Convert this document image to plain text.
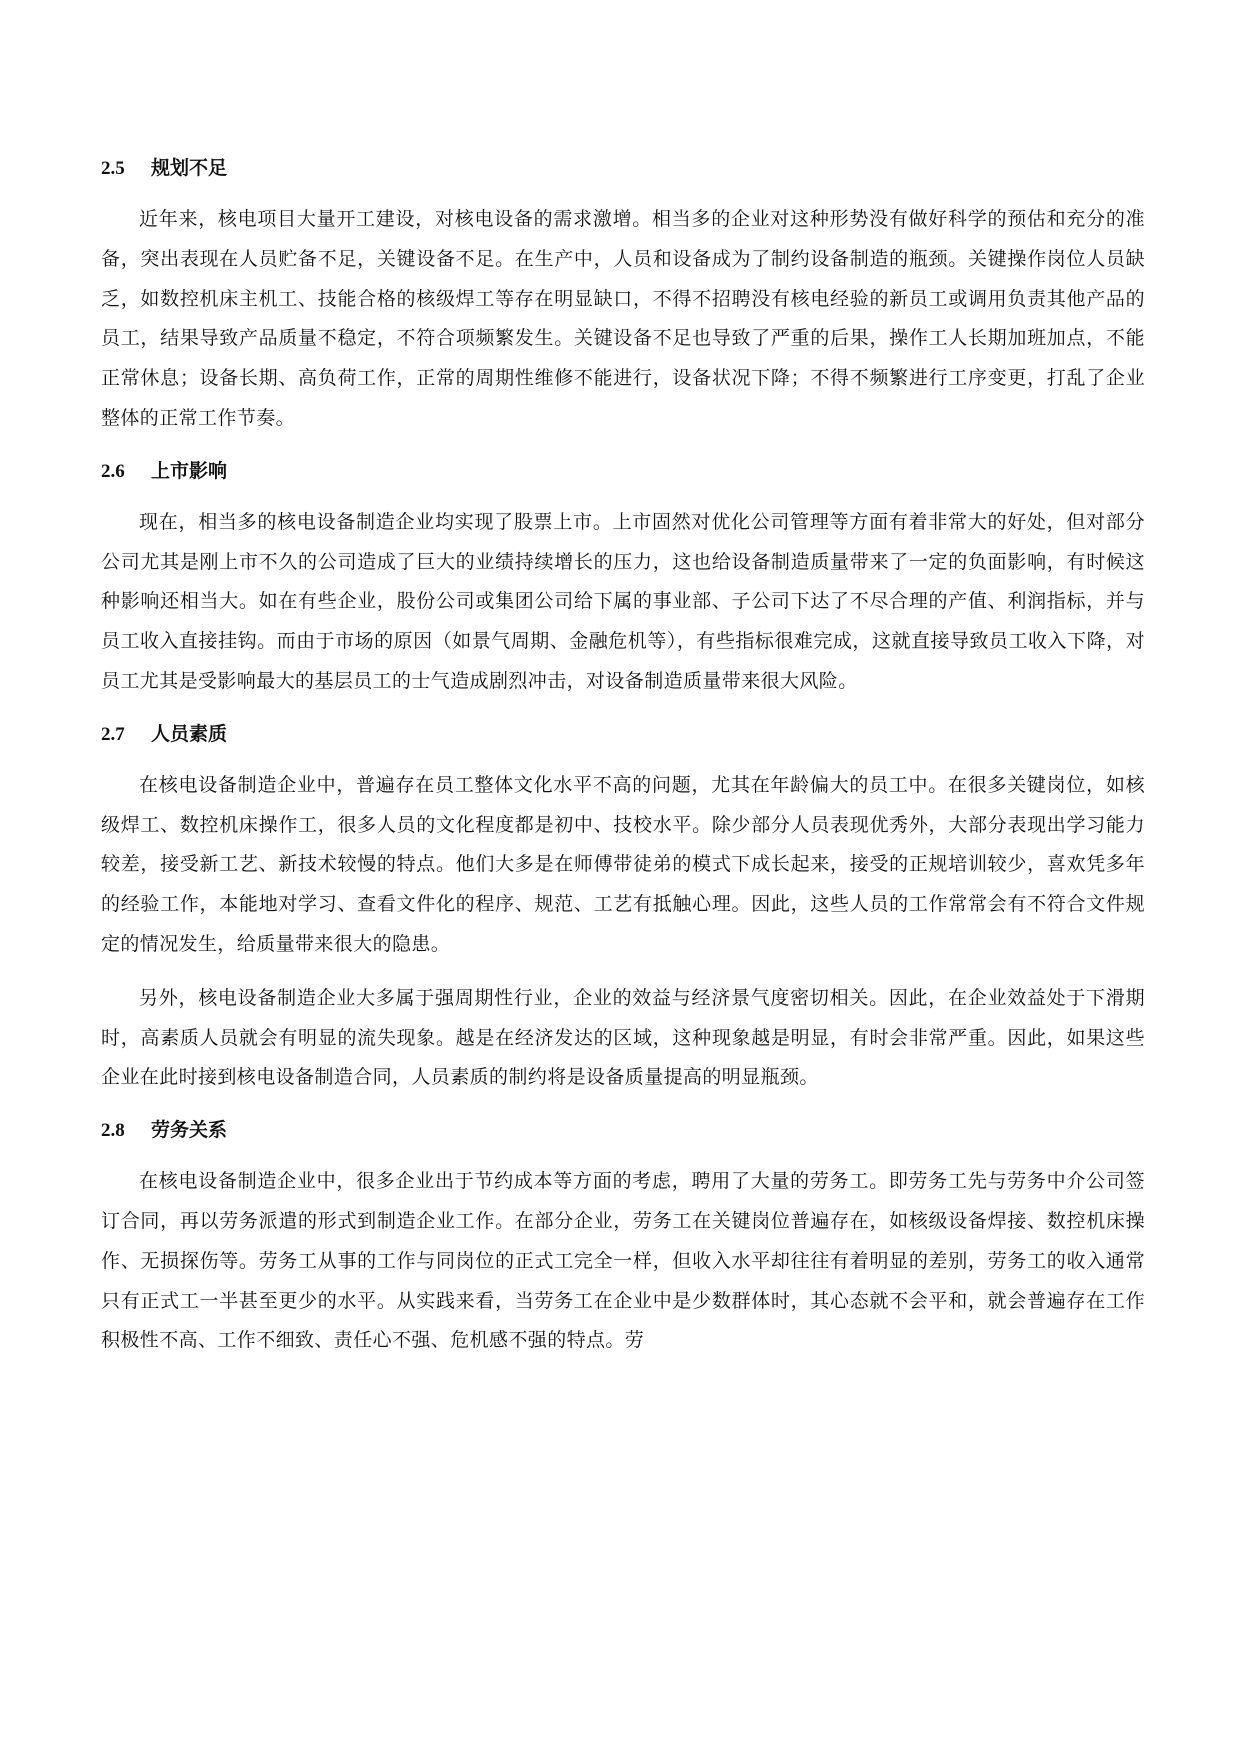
2.5	规划不足

近年来，核电项目大量开工建设，对核电设备的需求激增。相当多的企业对这种形势没有做好科学的预估和充分的准备，突出表现在人员贮备不足，关键设备不足。在生产中，人员和设备成为了制约设备制造的瓶颈。关键操作岗位人员缺乏，如数控机床主机工、技能合格的核级焊工等存在明显缺口，不得不招聘没有核电经验的新员工或调用负责其他产品的员工，结果导致产品质量不稳定，不符合项频繁发生。关键设备不足也导致了严重的后果，操作工人长期加班加点，不能正常休息；设备长期、高负荷工作，正常的周期性维修不能进行，设备状况下降；不得不频繁进行工序变更，打乱了企业整体的正常工作节奏。

2.6	上市影响

现在，相当多的核电设备制造企业均实现了股票上市。上市固然对优化公司管理等方面有着非常大的好处，但对部分公司尤其是刚上市不久的公司造成了巨大的业绩持续增长的压力，这也给设备制造质量带来了一定的负面影响，有时候这种影响还相当大。如在有些企业，股份公司或集团公司给下属的事业部、子公司下达了不尽合理的产值、利润指标，并与员工收入直接挂钩。而由于市场的原因（如景气周期、金融危机等），有些指标很难完成，这就直接导致员工收入下降，对员工尤其是受影响最大的基层员工的士气造成剧烈冲击，对设备制造质量带来很大风险。

2.7	人员素质

在核电设备制造企业中，普遍存在员工整体文化水平不高的问题，尤其在年龄偏大的员工中。在很多关键岗位，如核级焊工、数控机床操作工，很多人员的文化程度都是初中、技校水平。除少部分人员表现优秀外，大部分表现出学习能力较差，接受新工艺、新技术较慢的特点。他们大多是在师傅带徒弟的模式下成长起来，接受的正规培训较少，喜欢凭多年的经验工作，本能地对学习、查看文件化的程序、规范、工艺有抵触心理。因此，这些人员的工作常常会有不符合文件规定的情况发生，给质量带来很大的隐患。

另外，核电设备制造企业大多属于强周期性行业，企业的效益与经济景气度密切相关。因此，在企业效益处于下滑期时，高素质人员就会有明显的流失现象。越是在经济发达的区域，这种现象越是明显，有时会非常严重。因此，如果这些企业在此时接到核电设备制造合同，人员素质的制约将是设备质量提高的明显瓶颈。

2.8	劳务关系

在核电设备制造企业中，很多企业出于节约成本等方面的考虑，聘用了大量的劳务工。即劳务工先与劳务中介公司签订合同，再以劳务派遣的形式到制造企业工作。在部分企业，劳务工在关键岗位普遍存在，如核级设备焊接、数控机床操作、无损探伤等。劳务工从事的工作与同岗位的正式工完全一样，但收入水平却往往有着明显的差别，劳务工的收入通常只有正式工一半甚至更少的水平。从实践来看，当劳务工在企业中是少数群体时，其心态就不会平和，就会普遍存在工作积极性不高、工作不细致、责任心不强、危机感不强的特点。劳
